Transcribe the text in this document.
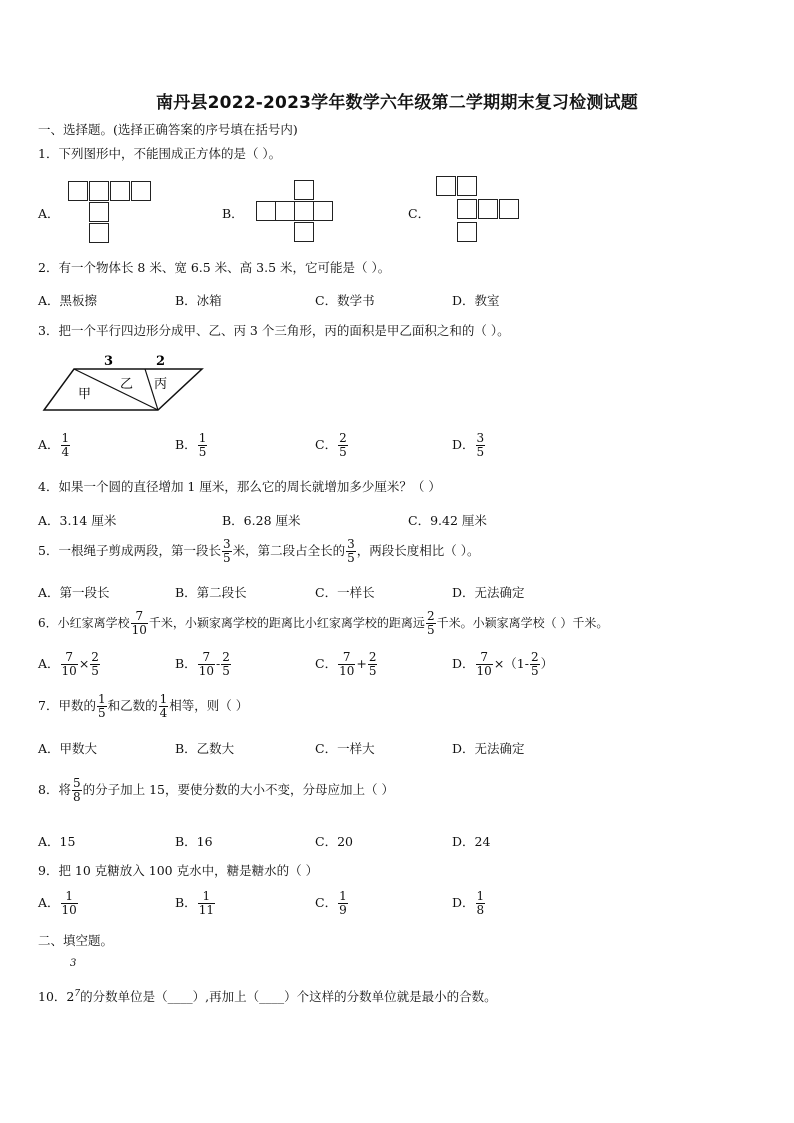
南丹县2022-2023学年数学六年级第二学期期末复习检测试题
一、选择题。(选择正确答案的序号填在括号内)
1．下列图形中，不能围成正方体的是（ ）。
A．	B．	C．
2．有一个物体长 8 米、宽 6.5 米、高 3.5 米，它可能是（ ）。
A．黑板擦	B．冰箱	C．数学书	D．教室
3．把一个平行四边形分成甲、乙、丙 3 个三角形，丙的面积是甲乙面积之和的（ ）。
3	2
甲
乙 丙
A． $\frac{1}{4}$	B． $\frac{1}{5}$	C． $\frac{2}{5}$	D． $\frac{3}{5}$
4．如果一个圆的直径增加 1 厘米，那么它的周长就增加多少厘米？（ ）
A．3.14 厘米	B．6.28 厘米	C．9.42 厘米
5．一根绳子剪成两段，第一段长 $\frac{3}{5}$ 米，第二段占全长的 $\frac{3}{5}$ ，两段长度相比（ ）。
A．第一段长	B．第二段长	C．一样长	D．无法确定
6．小红家离学校 $\frac{7}{10}$ 千米，小颖家离学校的距离比小红家离学校的距离远 $\frac{2}{5}$ 千米。小颖家离学校（ ）千米。
A． $\frac{7}{10} \times \frac{2}{5}$	B． $\frac{7}{10} - \frac{2}{5}$	C． $\frac{7}{10} + \frac{2}{5}$	D． $\frac{7}{10} \times(1- \frac{2}{5}$ ）
7．甲数的 $\frac{1}{5}$ 和乙数的 $\frac{1}{4}$ 相等，则（ ）
A．甲数大	B．乙数大	C．一样大	D．无法确定
8．将 $\frac{5}{8}$ 的分子加上 15，要使分数的大小不变，分母应加上（ ）
A．15	B．16	C．20	D．24
9．把 10 克糖放入 100 克水中，糖是糖水的（ ）
A． $\frac{1}{10}$	B． $\frac{1}{11}$	C． $\frac{1}{9}$	D． $\frac{1}{8}$
二、填空题。
3
10．$2^7$的分数单位是（____）,再加上（____）个这样的分数单位就是最小的合数。
